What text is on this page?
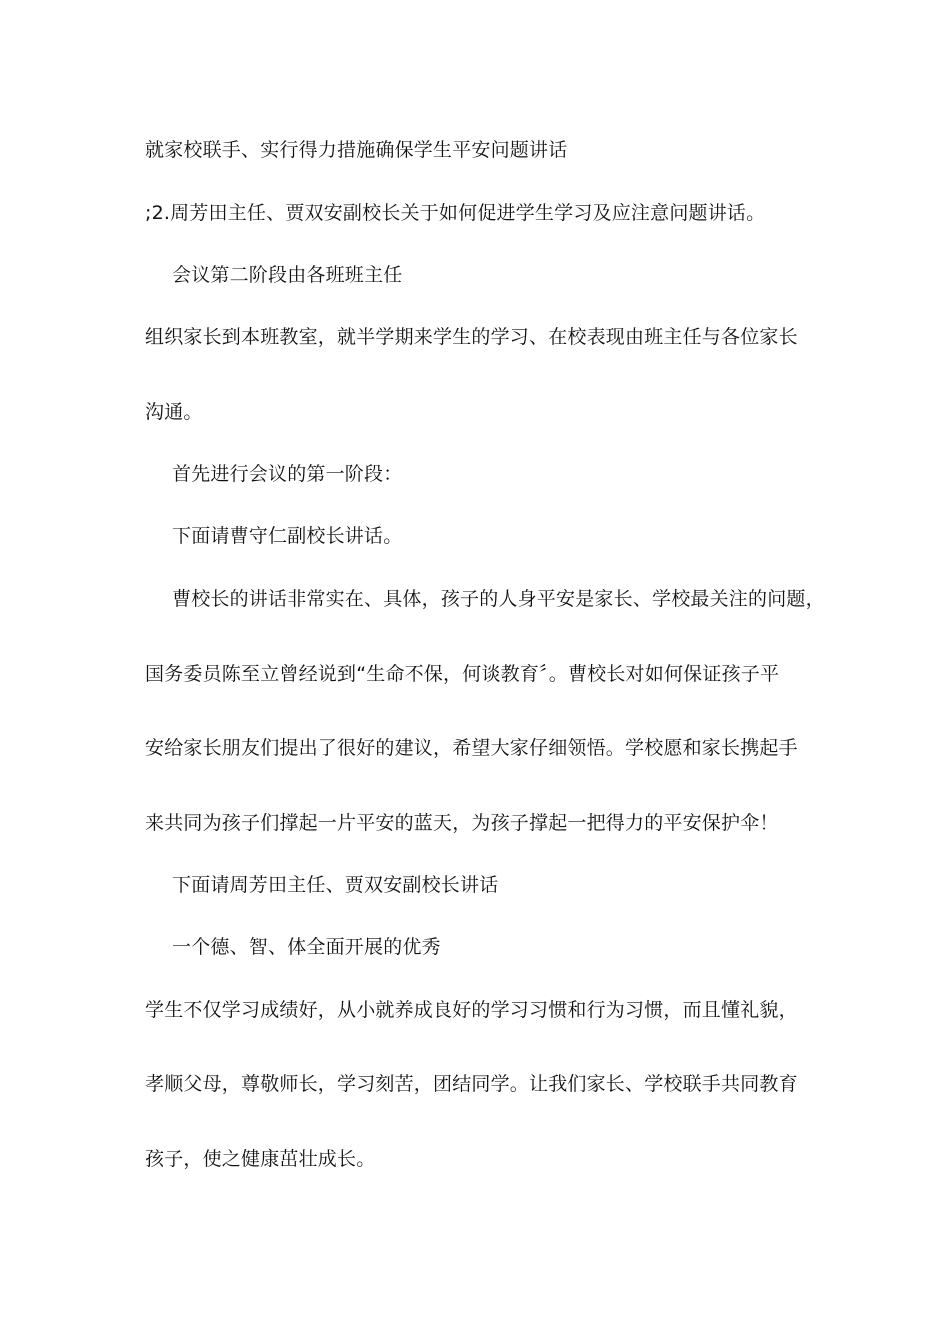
就家校联手、实行得力措施确保学生平安问题讲话
;2.周芳田主任、贾双安副校长关于如何促进学生学习及应注意问题讲话。
会议第二阶段由各班班主任
组织家长到本班教室，就半学期来学生的学习、在校表现由班主任与各位家长
沟通。
首先进行会议的第一阶段：
下面请曹守仁副校长讲话。
曹校长的讲话非常实在、具体，孩子的人身平安是家长、学校最关注的问题，
国务委员陈至立曾经说到“生命不保，何谈教育〞。曹校长对如何保证孩子平
安给家长朋友们提出了很好的建议，希望大家仔细领悟。学校愿和家长携起手
来共同为孩子们撑起一片平安的蓝天，为孩子撑起一把得力的平安保护伞！
下面请周芳田主任、贾双安副校长讲话
一个德、智、体全面开展的优秀
学生不仅学习成绩好，从小就养成良好的学习习惯和行为习惯，而且懂礼貌，
孝顺父母，尊敬师长，学习刻苦，团结同学。让我们家长、学校联手共同教育
孩子，使之健康茁壮成长。
